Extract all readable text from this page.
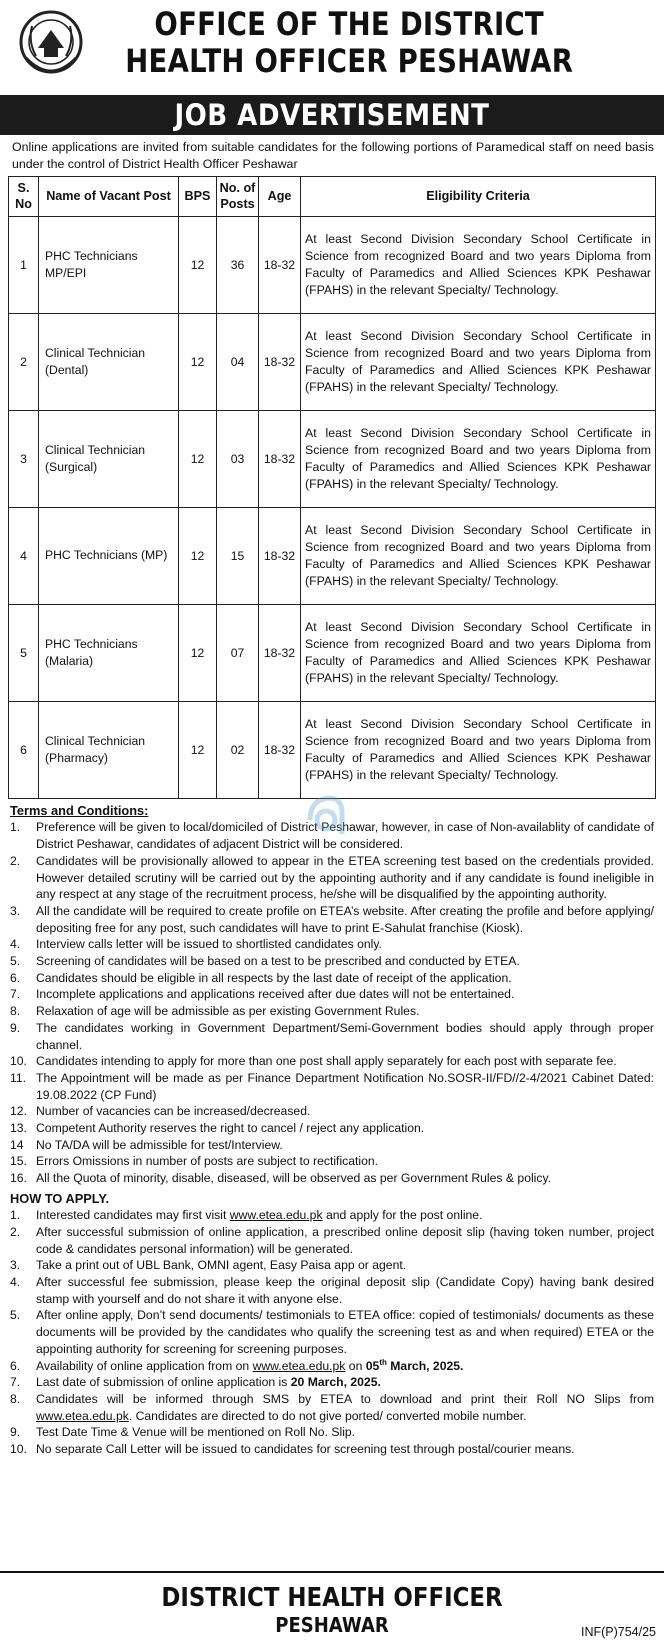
OFFICE OF THE DISTRICT
HEALTH OFFICER PESHAWAR
JOB ADVERTISEMENT

Online applications are invited from suitable candidates for the following portions of Paramedical staff on need basis under the control of District Health Officer Peshawar

S. No	Name of Vacant Post	BPS	No. of Posts	Age	Eligibility Criteria
1	PHC Technicians MP/EPI	12	36	18-32	At least Second Division Secondary School Certificate in Science from recognized Board and two years Diploma from Faculty of Paramedics and Allied Sciences KPK Peshawar (FPAHS) in the relevant Specialty/ Technology.
2	Clinical Technician (Dental)	12	04	18-32	At least Second Division Secondary School Certificate in Science from recognized Board and two years Diploma from Faculty of Paramedics and Allied Sciences KPK Peshawar (FPAHS) in the relevant Specialty/ Technology.
3	Clinical Technician (Surgical)	12	03	18-32	At least Second Division Secondary School Certificate in Science from recognized Board and two years Diploma from Faculty of Paramedics and Allied Sciences KPK Peshawar (FPAHS) in the relevant Specialty/ Technology.
4	PHC Technicians (MP)	12	15	18-32	At least Second Division Secondary School Certificate in Science from recognized Board and two years Diploma from Faculty of Paramedics and Allied Sciences KPK Peshawar (FPAHS) in the relevant Specialty/ Technology.
5	PHC Technicians (Malaria)	12	07	18-32	At least Second Division Secondary School Certificate in Science from recognized Board and two years Diploma from Faculty of Paramedics and Allied Sciences KPK Peshawar (FPAHS) in the relevant Specialty/ Technology.
6	Clinical Technician (Pharmacy)	12	02	18-32	At least Second Division Secondary School Certificate in Science from recognized Board and two years Diploma from Faculty of Paramedics and Allied Sciences KPK Peshawar (FPAHS) in the relevant Specialty/ Technology.
Terms and Conditions:
1.	Preference will be given to local/domiciled of District Peshawar, however, in case of Non-availablity of candidate of District Peshawar, candidates of adjacent District will be considered.
2.	Candidates will be provisionally allowed to appear in the ETEA screening test based on the credentials provided. However detailed scrutiny will be carried out by the appointing authority and if any candidate is found ineligible in any respect at any stage of the recruitment process, he/she will be disqualified by the appointing authority.
3.	All the candidate will be required to create profile on ETEA’s website. After creating the profile and before applying/ depositing free for any post, such candidates will have to print E-Sahulat franchise (Kiosk).
4.	Interview calls letter will be issued to shortlisted candidates only.
5.	Screening of candidates will be based on a test to be prescribed and conducted by ETEA.
6.	Candidates should be eligible in all respects by the last date of receipt of the application.
7.	Incomplete applications and applications received after due dates will not be entertained.
8.	Relaxation of age will be admissible as per existing Government Rules.
9.	The candidates working in Government Department/Semi-Government bodies should apply through proper channel.
10. Candidates intending to apply for more than one post shall apply separately for each post with separate fee.
11. The Appointment will be made as per Finance Department Notification No.SOSR-II/FD//2-4/2021 Cabinet Dated: 19.08.2022 (CP Fund)
12. Number of vacancies can be increased/decreased.
13. Competent Authority reserves the right to cancel / reject any application.
14	No TA/DA will be admissible for test/Interview.
15. Errors Omissions in number of posts are subject to rectification.
16. All the Quota of minority, disable, diseased, will be observed as per Government Rules & policy.
HOW TO APPLY.
1.	Interested candidates may first visit www.etea.edu.pk and apply for the post online.
2.	After successful submission of online application, a prescribed online deposit slip (having token number, project code & candidates personal information) will be generated.
3.	Take a print out of UBL Bank, OMNI agent, Easy Paisa app or agent.
4.	After successful fee submission, please keep the original deposit slip (Candidate Copy) having bank desired stamp with yourself and do not share it with anyone else.
5.	After online apply, Don’t send documents/ testimonials to ETEA office: copied of testimonials/ documents as these documents will be provided by the candidates who qualify the screening test as and when required) ETEA or the appointing authority for screening for screening purposes.
6.	Availability of online application from on www.etea.edu.pk on 05th March, 2025.
7.	Last date of submission of online application is 20 March, 2025.
8.	Candidates will be informed through SMS by ETEA to download and print their Roll NO Slips from www.etea.edu.pk. Candidates are directed to do not give ported/ converted mobile number.
9.	Test Date Time & Venue will be mentioned on Roll No. Slip.
10. No separate Call Letter will be issued to candidates for screening test through postal/courier means.
DISTRICT HEALTH OFFICER
PESHAWAR	INF(P)754/25
